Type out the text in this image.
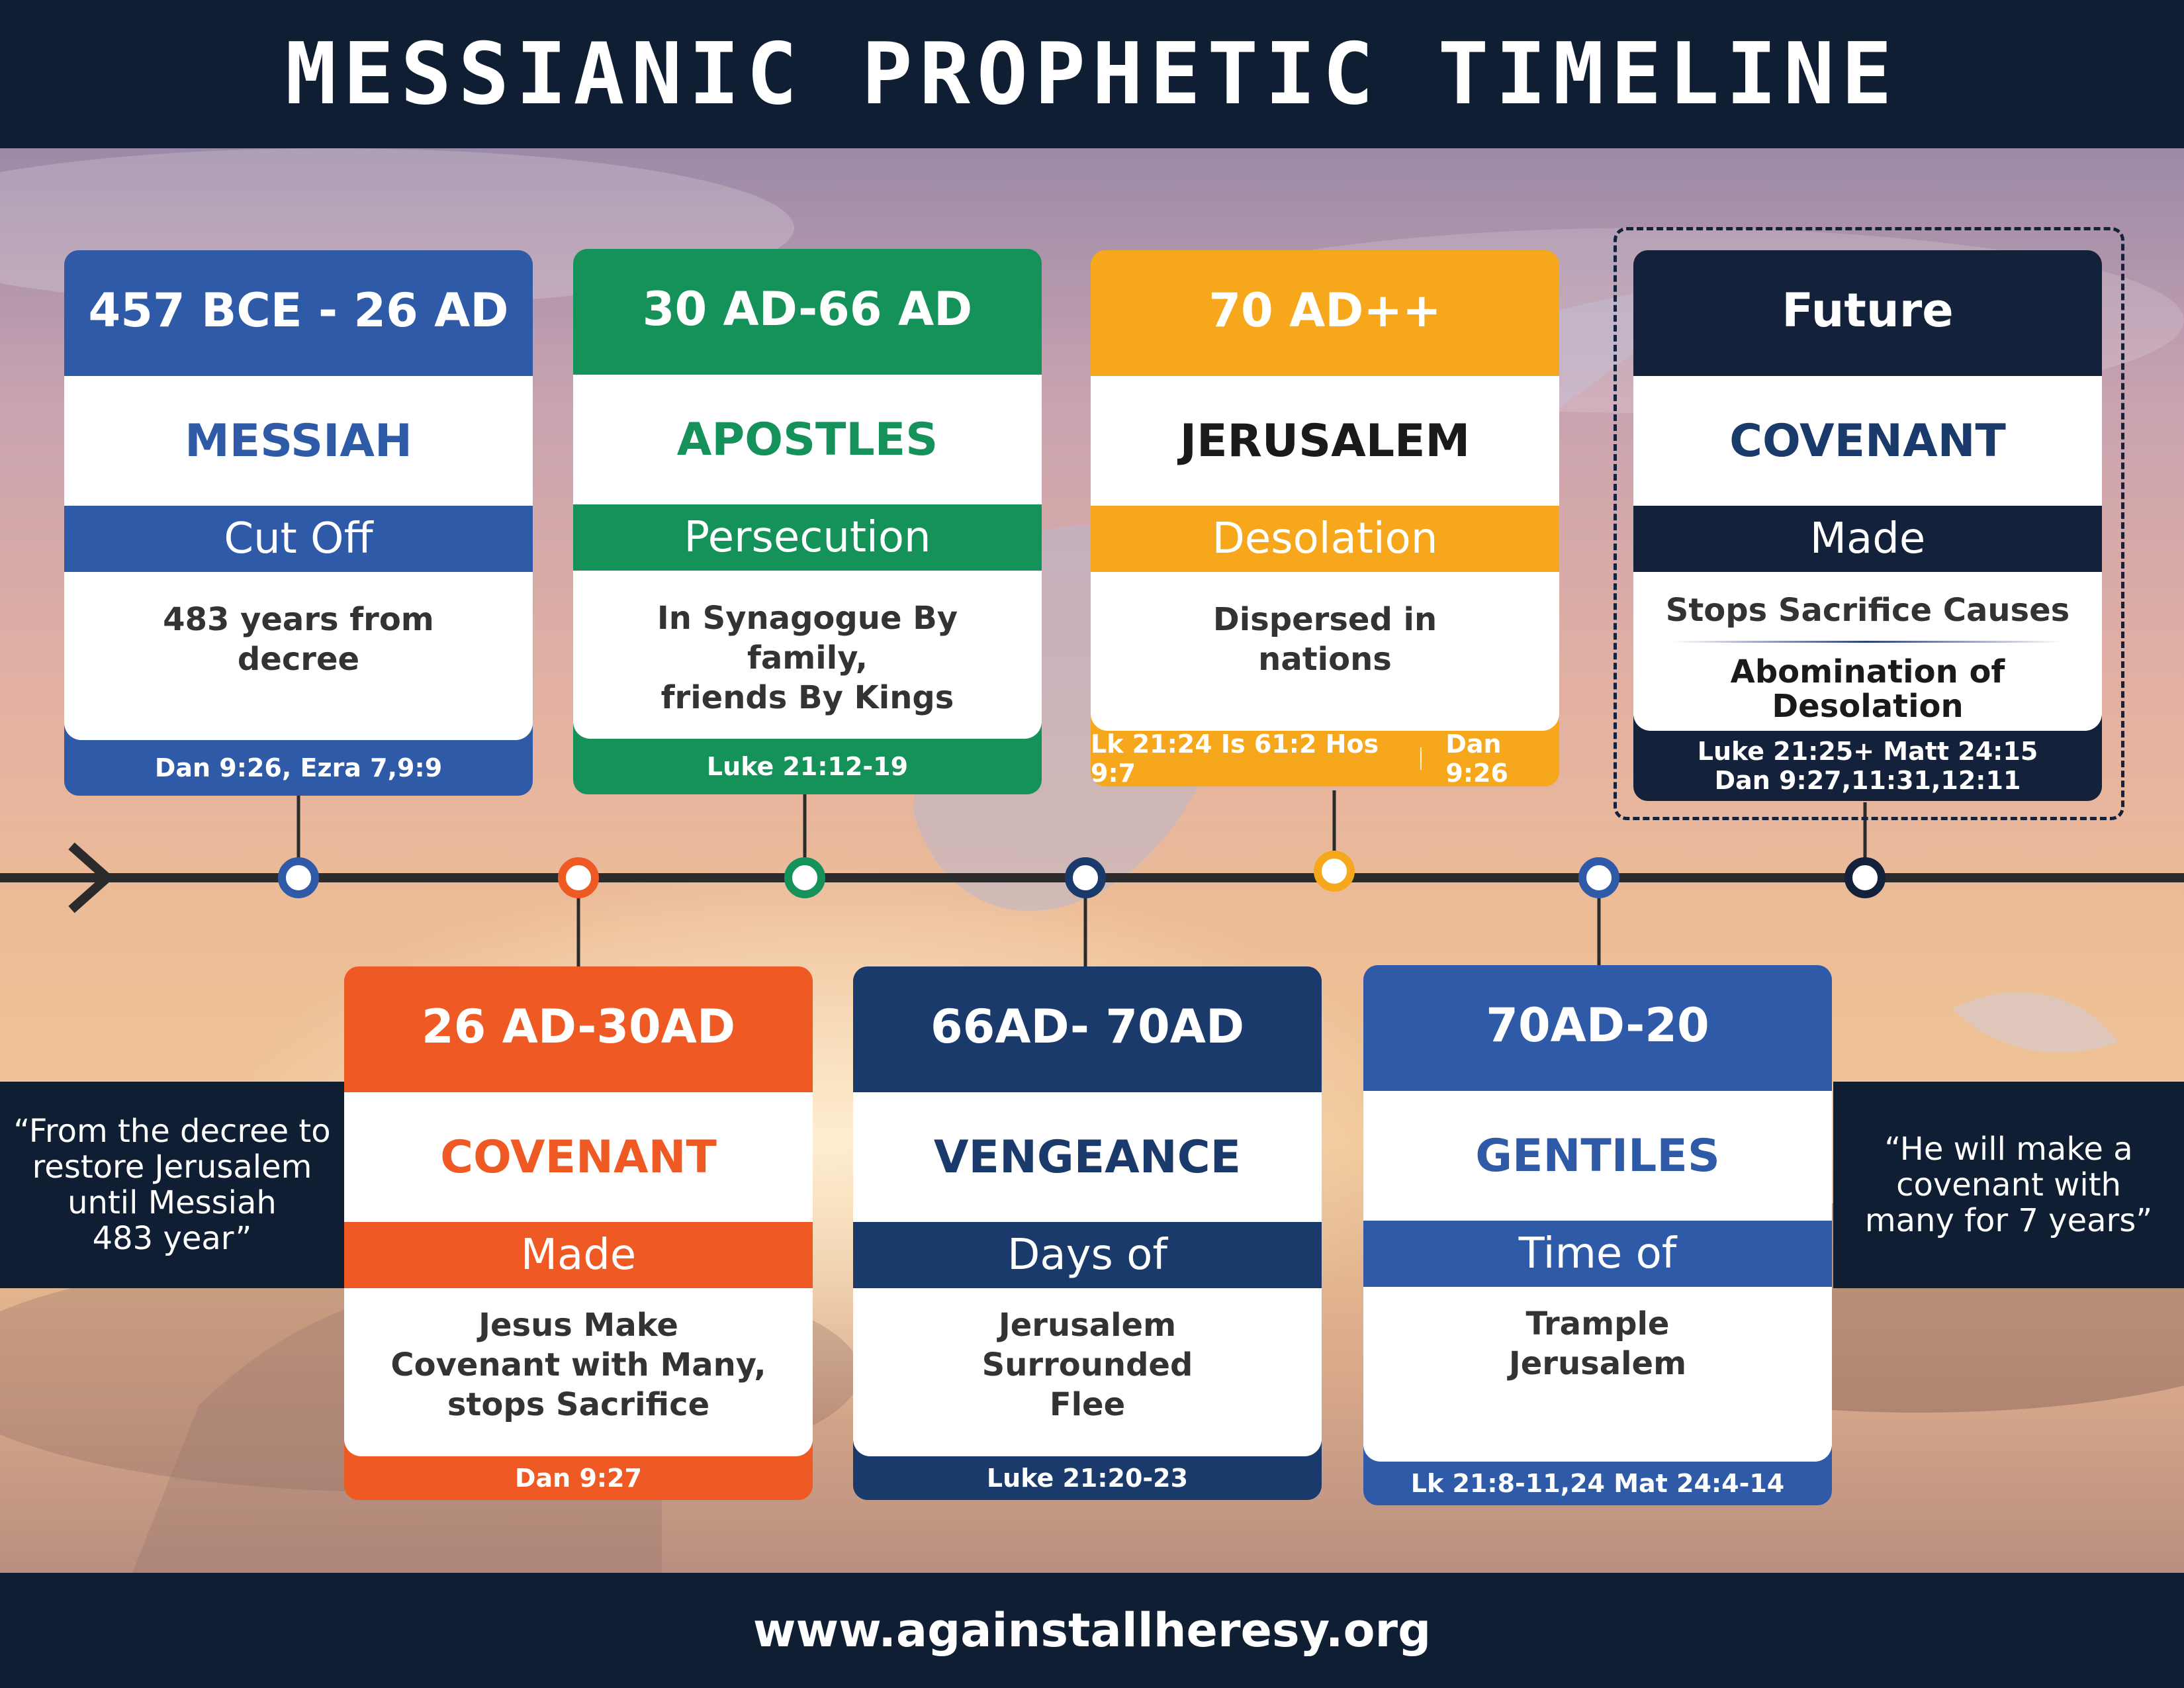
MESSIANIC PROPHETIC TIMELINE
“From the decree to
restore Jerusalem
until Messiah
483 year”
“He will make a
covenant with
many for 7 years”
457 BCE - 26 AD
MESSIAH
Cut Off
483 years from
decree
Dan 9:26, Ezra 7,9:9
30 AD-66 AD
APOSTLES
Persecution
In Synagogue By family,
friends By Kings
Luke 21:12-19
70 AD++
JERUSALEM
Desolation
Dispersed in
nations
Lk 21:24 Is 61:2 Hos 9:7
Dan 9:26
Future
COVENANT
Made
Stops Sacrifice Causes
Abomination of
Desolation
Luke 21:25+ Matt 24:15
Dan 9:27,11:31,12:11
26 AD-30AD
COVENANT
Made
Jesus Make
Covenant with Many,
stops Sacrifice
Dan 9:27
66AD- 70AD
VENGEANCE
Days of
Jerusalem
Surrounded
Flee
Luke 21:20-23
70AD-20
GENTILES
Time of
Trample
Jerusalem
Lk 21:8-11,24 Mat 24:4-14
www.againstallheresy.org
